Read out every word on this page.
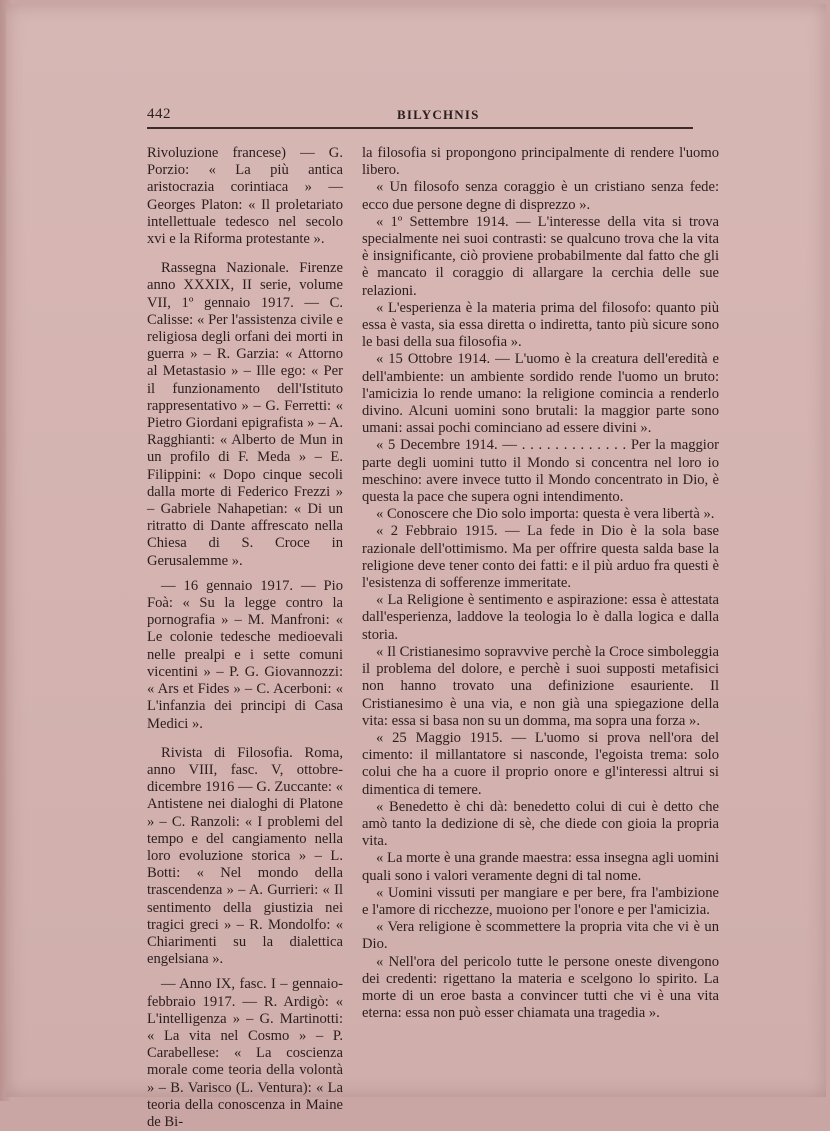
442	BILYCHNIS

Rivoluzione francese) — G. Porzio: « La più antica aristocrazia corintiaca » — Georges Platon: « Il proletariato intellettuale tedesco nel secolo xvi e la Riforma protestante ».

Rassegna Nazionale. Firenze anno XXXIX, II serie, volume VII, 1º gennaio 1917. — C. Calisse: « Per l'assistenza civile e religiosa degli orfani dei morti in guerra » – R. Garzia: « Attorno al Metastasio » – Ille ego: « Per il funzionamento dell'Istituto rappresentativo » – G. Ferretti: « Pietro Giordani epigrafista » – A. Ragghianti: « Alberto de Mun in un profilo di F. Meda » – E. Filippini: « Dopo cinque secoli dalla morte di Federico Frezzi » – Gabriele Nahapetian: « Di un ritratto di Dante affrescato nella Chiesa di S. Croce in Gerusalemme ».

— 16 gennaio 1917. — Pio Foà: « Su la legge contro la pornografia » – M. Manfroni: « Le colonie tedesche medioevali nelle prealpi e i sette comuni vicentini » – P. G. Giovannozzi: « Ars et Fides » – C. Acerboni: « L'infanzia dei principi di Casa Medici ».

Rivista di Filosofia. Roma, anno VIII, fasc. V, ottobre-dicembre 1916 — G. Zuccante: « Antistene nei dialoghi di Platone » – C. Ranzoli: « I problemi del tempo e del cangiamento nella loro evoluzione storica » – L. Botti: « Nel mondo della trascendenza » – A. Gurrieri: « Il sentimento della giustizia nei tragici greci » – R. Mondolfo: « Chiarimenti su la dialettica engelsiana ».

— Anno IX, fasc. I – gennaio-febbraio 1917. — R. Ardigò: « L'intelligenza » – G. Martinotti: « La vita nel Cosmo » – P. Carabellese: « La coscienza morale come teoria della volontà » – B. Varisco (L. Ventura): « La teoria della conoscenza in Maine de Bi-

la filosofia si propongono principalmente di rendere l'uomo libero.

« Un filosofo senza coraggio è un cristiano senza fede: ecco due persone degne di disprezzo ».

« 1º Settembre 1914. — L'interesse della vita si trova specialmente nei suoi contrasti: se qualcuno trova che la vita è insignificante, ciò proviene probabilmente dal fatto che gli è mancato il coraggio di allargare la cerchia delle sue relazioni.

« L'esperienza è la materia prima del filosofo: quanto più essa è vasta, sia essa diretta o indiretta, tanto più sicure sono le basi della sua filosofia ».

« 15 Ottobre 1914. — L'uomo è la creatura dell'eredità e dell'ambiente: un ambiente sordido rende l'uomo un bruto: l'amicizia lo rende umano: la religione comincia a renderlo divino. Alcuni uomini sono brutali: la maggior parte sono umani: assai pochi cominciano ad essere divini ».

« 5 Decembre 1914. — . . . . . . . . . . . . . Per la maggior parte degli uomini tutto il Mondo si concentra nel loro io meschino: avere invece tutto il Mondo concentrato in Dio, è questa la pace che supera ogni intendimento.

« Conoscere che Dio solo importa: questa è vera libertà ».

« 2 Febbraio 1915. — La fede in Dio è la sola base razionale dell'ottimismo. Ma per offrire questa salda base la religione deve tener conto dei fatti: e il più arduo fra questi è l'esistenza di sofferenze immeritate.

« La Religione è sentimento e aspirazione: essa è attestata dall'esperienza, laddove la teologia lo è dalla logica e dalla storia.

« Il Cristianesimo sopravvive perchè la Croce simboleggia il problema del dolore, e perchè i suoi supposti metafisici non hanno trovato una definizione esauriente. Il Cristianesimo è una via, e non già una spiegazione della vita: essa si basa non su un domma, ma sopra una forza ».

« 25 Maggio 1915. — L'uomo si prova nell'ora del cimento: il millantatore si nasconde, l'egoista trema: solo colui che ha a cuore il proprio onore e gl'interessi altrui si dimentica di temere.

« Benedetto è chi dà: benedetto colui di cui è detto che amò tanto la dedizione di sè, che diede con gioia la propria vita.

« La morte è una grande maestra: essa insegna agli uomini quali sono i valori veramente degni di tal nome.

« Uomini vissuti per mangiare e per bere, fra l'ambizione e l'amore di ricchezze, muoiono per l'onore e per l'amicizia.

« Vera religione è scommettere la propria vita che vi è un Dio.

« Nell'ora del pericolo tutte le persone oneste divengono dei credenti: rigettano la materia e scelgono lo spirito. La morte di un eroe basta a convincer tutti che vi è una vita eterna: essa non può esser chiamata una tragedia ».
